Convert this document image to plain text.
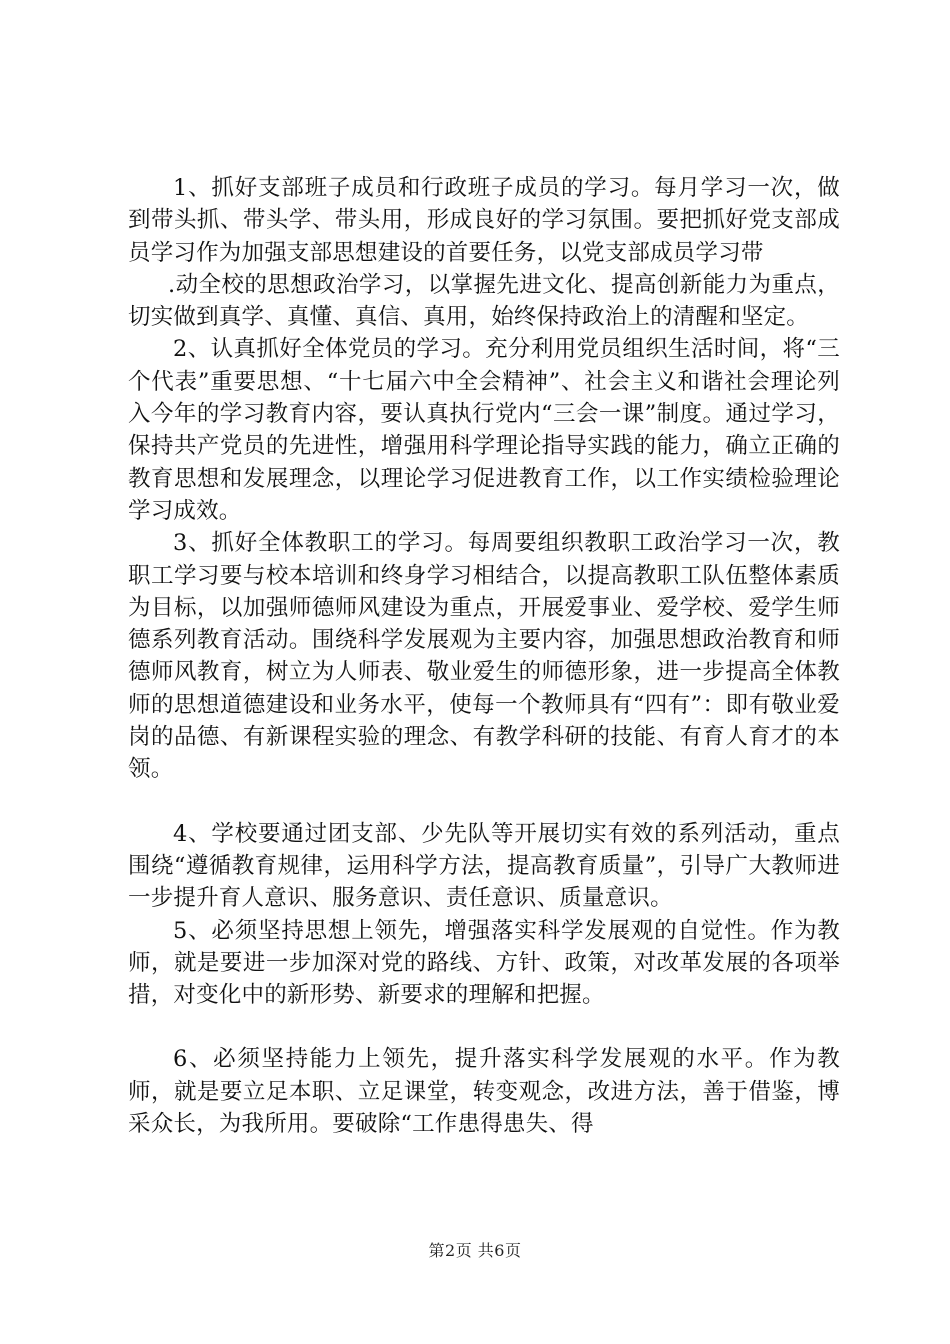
1、抓好支部班子成员和行政班子成员的学习。每月学习一次，做到带头抓、带头学、带头用，形成良好的学习氛围。要把抓好党支部成员学习作为加强支部思想建设的首要任务，以党支部成员学习带

.动全校的思想政治学习，以掌握先进文化、提高创新能力为重点，切实做到真学、真懂、真信、真用，始终保持政治上的清醒和坚定。

2、认真抓好全体党员的学习。充分利用党员组织生活时间，将“三个代表”重要思想、“十七届六中全会精神”、社会主义和谐社会理论列入今年的学习教育内容，要认真执行党内“三会一课”制度。通过学习，保持共产党员的先进性，增强用科学理论指导实践的能力，确立正确的教育思想和发展理念，以理论学习促进教育工作，以工作实绩检验理论学习成效。

3、抓好全体教职工的学习。每周要组织教职工政治学习一次，教职工学习要与校本培训和终身学习相结合，以提高教职工队伍整体素质为目标，以加强师德师风建设为重点，开展爱事业、爱学校、爱学生师德系列教育活动。围绕科学发展观为主要内容，加强思想政治教育和师德师风教育，树立为人师表、敬业爱生的师德形象，进一步提高全体教师的思想道德建设和业务水平，使每一个教师具有“四有”：即有敬业爱岗的品德、有新课程实验的理念、有教学科研的技能、有育人育才的本领。

4、学校要通过团支部、少先队等开展切实有效的系列活动，重点围绕“遵循教育规律，运用科学方法，提高教育质量”，引导广大教师进一步提升育人意识、服务意识、责任意识、质量意识。

5、必须坚持思想上领先，增强落实科学发展观的自觉性。作为教师，就是要进一步加深对党的路线、方针、政策，对改革发展的各项举措，对变化中的新形势、新要求的理解和把握。

6、必须坚持能力上领先，提升落实科学发展观的水平。作为教师，就是要立足本职、立足课堂，转变观念，改进方法，善于借鉴，博采众长，为我所用。要破除“工作患得患失、得

第2页 共6页
